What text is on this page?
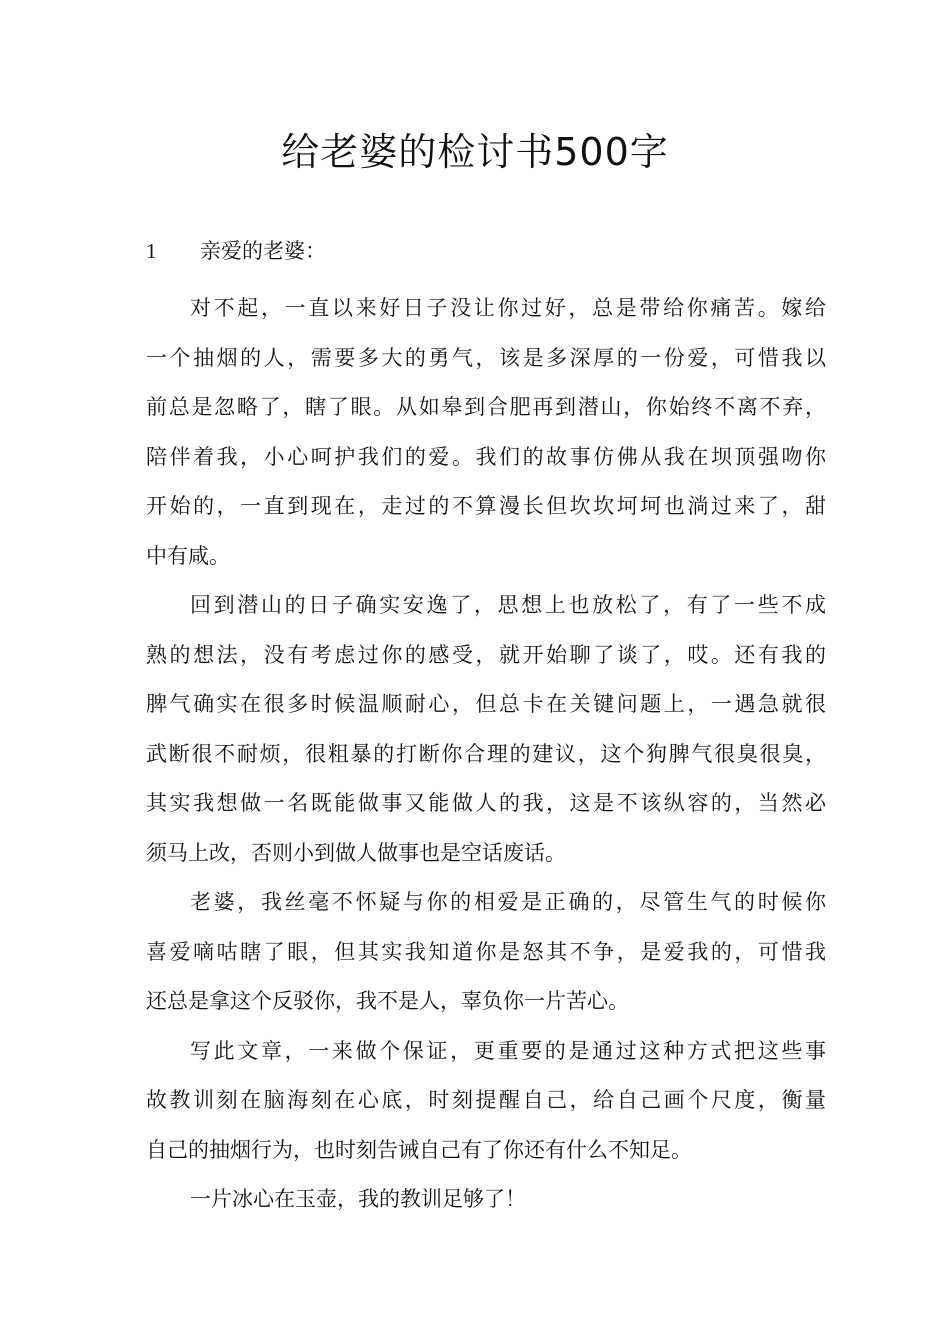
给老婆的检讨书500字
1 亲爱的老婆：
对不起，一直以来好日子没让你过好，总是带给你痛苦。嫁给
一个抽烟的人，需要多大的勇气，该是多深厚的一份爱，可惜我以
前总是忽略了，瞎了眼。从如皋到合肥再到潜山，你始终不离不弃，
陪伴着我，小心呵护我们的爱。我们的故事仿佛从我在坝顶强吻你
开始的，一直到现在，走过的不算漫长但坎坎坷坷也淌过来了，甜
中有咸。
回到潜山的日子确实安逸了，思想上也放松了，有了一些不成
熟的想法，没有考虑过你的感受，就开始聊了谈了，哎。还有我的
脾气确实在很多时候温顺耐心，但总卡在关键问题上，一遇急就很
武断很不耐烦，很粗暴的打断你合理的建议，这个狗脾气很臭很臭，
其实我想做一名既能做事又能做人的我，这是不该纵容的，当然必
须马上改，否则小到做人做事也是空话废话。
老婆，我丝毫不怀疑与你的相爱是正确的，尽管生气的时候你
喜爱嘀咕瞎了眼，但其实我知道你是怒其不争，是爱我的，可惜我
还总是拿这个反驳你，我不是人，辜负你一片苦心。
写此文章，一来做个保证，更重要的是通过这种方式把这些事
故教训刻在脑海刻在心底，时刻提醒自己，给自己画个尺度，衡量
自己的抽烟行为，也时刻告诫自己有了你还有什么不知足。
一片冰心在玉壶，我的教训足够了！
